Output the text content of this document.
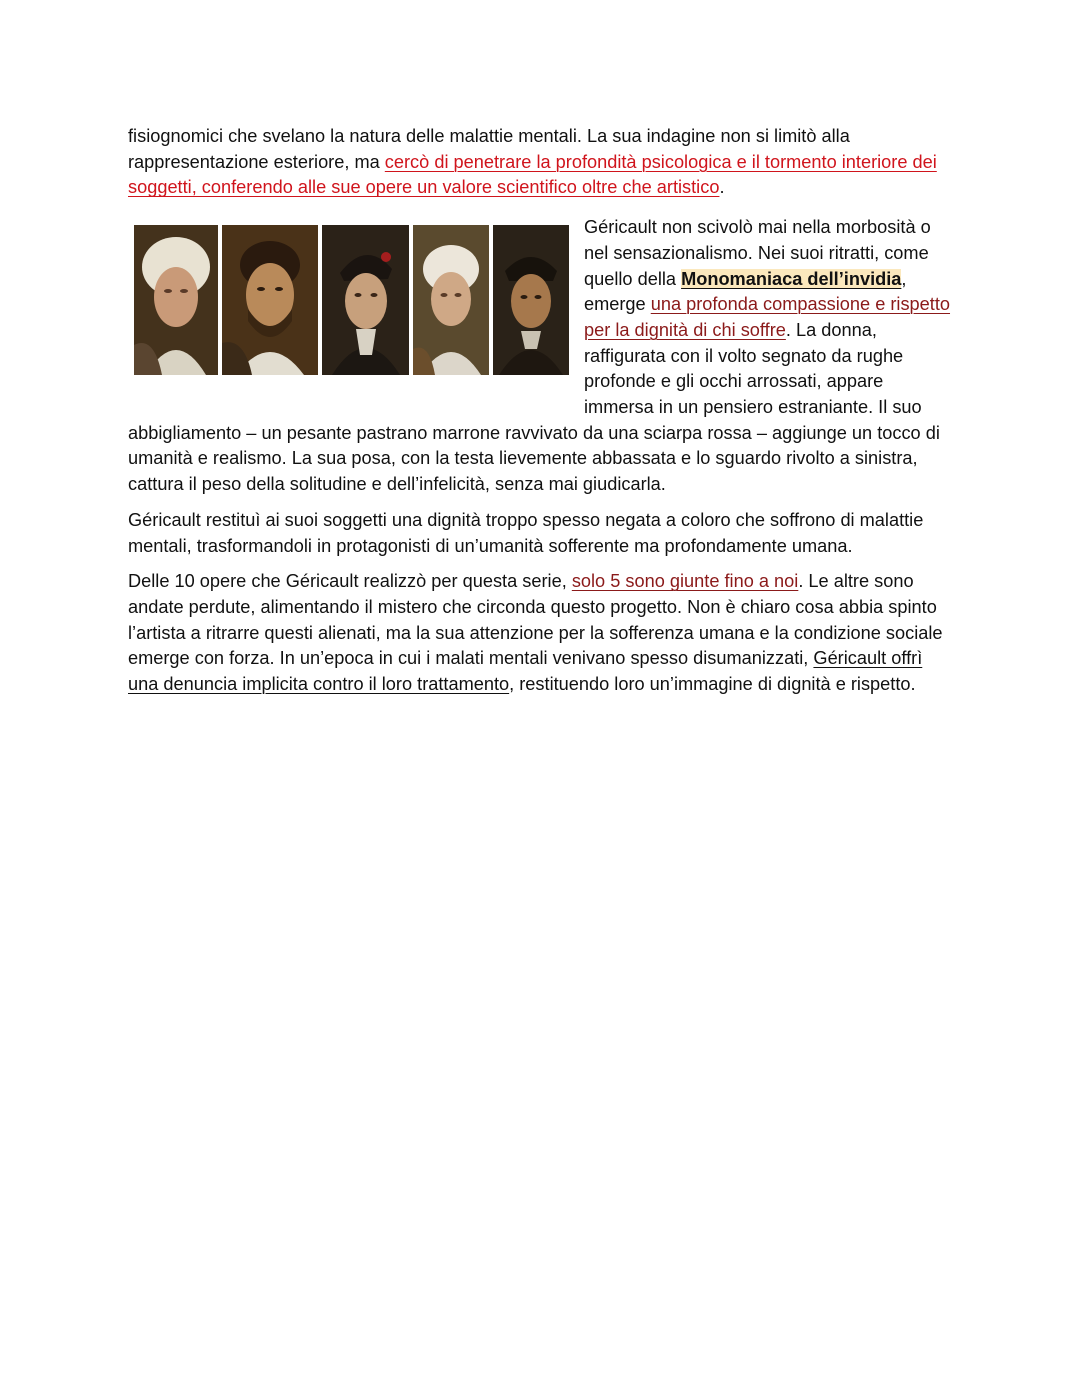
fisiognomici che svelano la natura delle malattie mentali. La sua indagine non si limitò alla rappresentazione esteriore, ma cercò di penetrare la profondità psicologica e il tormento interiore dei soggetti, conferendo alle sue opere un valore scientifico oltre che artistico.

Géricault non scivolò mai nella morbosità o nel sensazionalismo. Nei suoi ritratti, come quello della Monomaniaca dell’invidia, emerge una profonda compassione e rispetto per la dignità di chi soffre. La donna, raffigurata con il volto segnato da rughe profonde e gli occhi arrossati, appare immersa in un pensiero estraniante. Il suo abbigliamento – un pesante pastrano marrone ravvivato da una sciarpa rossa – aggiunge un tocco di umanità e realismo. La sua posa, con la testa lievemente abbassata e lo sguardo rivolto a sinistra, cattura il peso della solitudine e dell’infelicità, senza mai giudicarla.

Géricault restituì ai suoi soggetti una dignità troppo spesso negata a coloro che soffrono di malattie mentali, trasformandoli in protagonisti di un’umanità sofferente ma profondamente umana.

Delle 10 opere che Géricault realizzò per questa serie, solo 5 sono giunte fino a noi. Le altre sono andate perdute, alimentando il mistero che circonda questo progetto. Non è chiaro cosa abbia spinto l’artista a ritrarre questi alienati, ma la sua attenzione per la sofferenza umana e la condizione sociale emerge con forza. In un’epoca in cui i malati mentali venivano spesso disumanizzati, Géricault offrì una denuncia implicita contro il loro trattamento, restituendo loro un’immagine di dignità e rispetto.
